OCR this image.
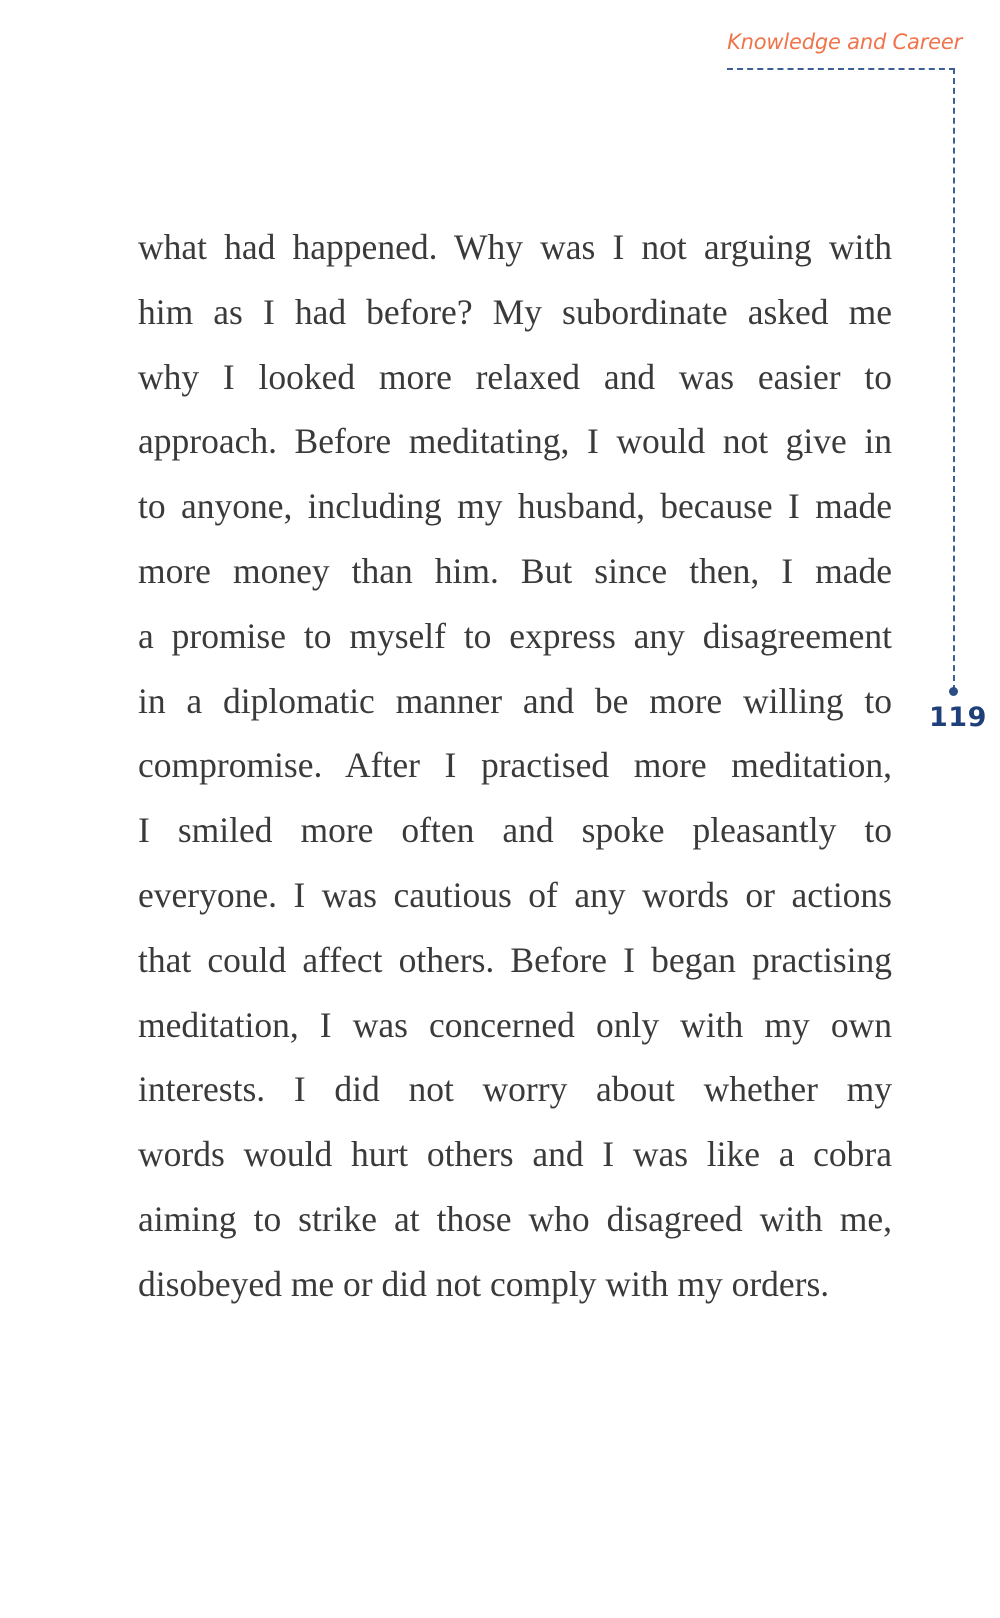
Knowledge and Career
119
what had happened. Why was I not arguing with
him as I had before? My subordinate asked me
why I looked more relaxed and was easier to
approach. Before meditating, I would not give in
to anyone, including my husband, because I made
more money than him. But since then, I made
a promise to myself to express any disagreement
in a diplomatic manner and be more willing to
compromise. After I practised more meditation,
I smiled more often and spoke pleasantly to
everyone. I was cautious of any words or actions
that could affect others. Before I began practising
meditation, I was concerned only with my own
interests. I did not worry about whether my
words would hurt others and I was like a cobra
aiming to strike at those who disagreed with me,
disobeyed me or did not comply with my orders.
